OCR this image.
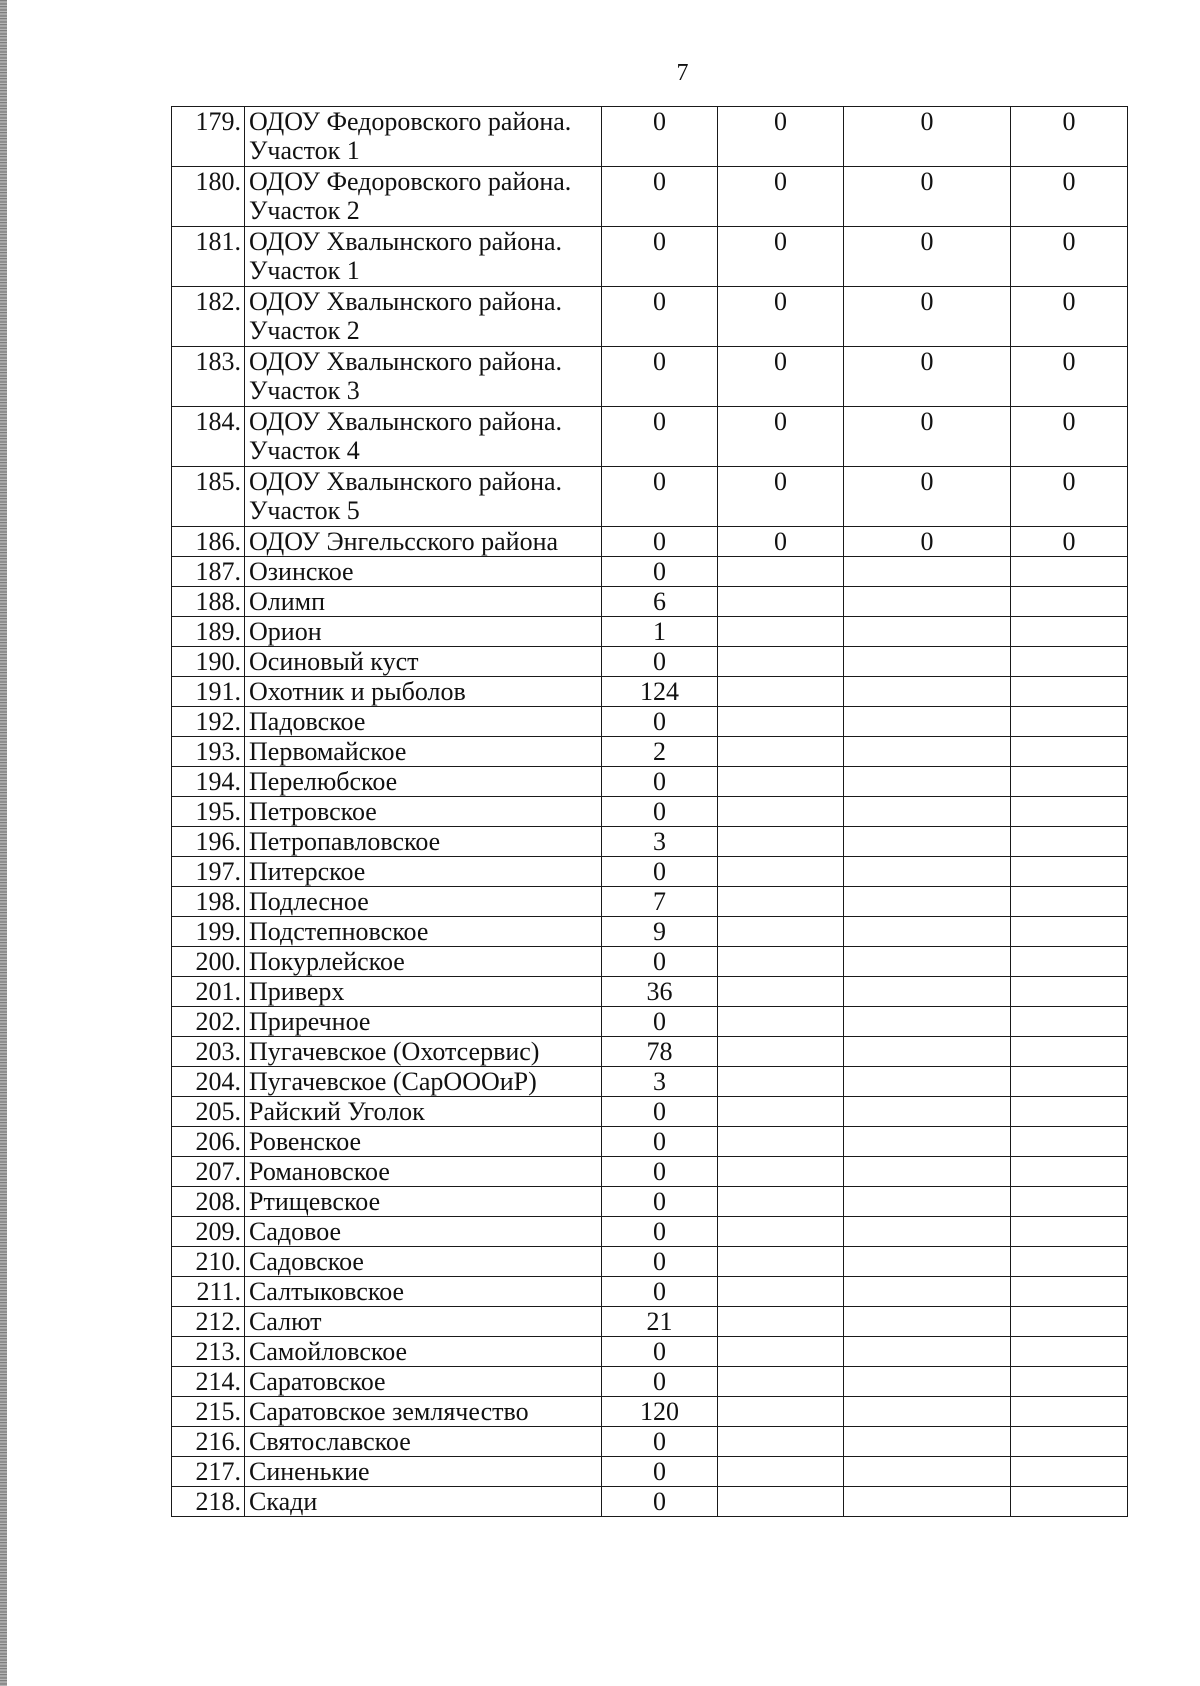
7
179.	ОДОУ Федоровского района. Участок 1	0	0	0	0
180.	ОДОУ Федоровского района. Участок 2	0	0	0	0
181.	ОДОУ Хвалынского района. Участок 1	0	0	0	0
182.	ОДОУ Хвалынского района. Участок 2	0	0	0	0
183.	ОДОУ Хвалынского района. Участок 3	0	0	0	0
184.	ОДОУ Хвалынского района. Участок 4	0	0	0	0
185.	ОДОУ Хвалынского района. Участок 5	0	0	0	0
186.	ОДОУ Энгельсского района	0	0	0	0
187.	Озинское	0			
188.	Олимп	6			
189.	Орион	1			
190.	Осиновый куст	0			
191.	Охотник и рыболов	124			
192.	Падовское	0			
193.	Первомайское	2			
194.	Перелюбское	0			
195.	Петровское	0			
196.	Петропавловское	3			
197.	Питерское	0			
198.	Подлесное	7			
199.	Подстепновское	9			
200.	Покурлейское	0			
201.	Приверх	36			
202.	Приречное	0			
203.	Пугачевское (Охотсервис)	78			
204.	Пугачевское (СарОООиР)	3			
205.	Райский Уголок	0			
206.	Ровенское	0			
207.	Романовское	0			
208.	Ртищевское	0			
209.	Садовое	0			
210.	Садовское	0			
211.	Салтыковское	0			
212.	Салют	21			
213.	Самойловское	0			
214.	Саратовское	0			
215.	Саратовское землячество	120			
216.	Святославское	0			
217.	Синенькие	0			
218.	Скади	0			
